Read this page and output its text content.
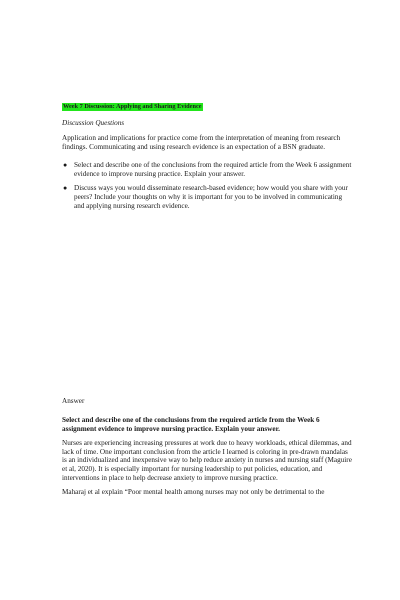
Week 7 Discussion: Applying and Sharing Evidence

Discussion Questions

Application and implications for practice come from the interpretation of meaning from research findings. Communicating and using research evidence is an expectation of a BSN graduate.

● Select and describe one of the conclusions from the required article from the Week 6 assignment evidence to improve nursing practice. Explain your answer.
● Discuss ways you would disseminate research-based evidence; how would you share with your peers? Include your thoughts on why it is important for you to be involved in communicating and applying nursing research evidence.

Answer

Select and describe one of the conclusions from the required article from the Week 6 assignment evidence to improve nursing practice. Explain your answer.

Nurses are experiencing increasing pressures at work due to heavy workloads, ethical dilemmas, and lack of time. One important conclusion from the article I learned is coloring in pre-drawn mandalas is an individualized and inexpensive way to help reduce anxiety in nurses and nursing staff (Maguire et al, 2020). It is especially important for nursing leadership to put policies, education, and interventions in place to help decrease anxiety to improve nursing practice.

Maharaj et al explain “Poor mental health among nurses may not only be detrimental to the
